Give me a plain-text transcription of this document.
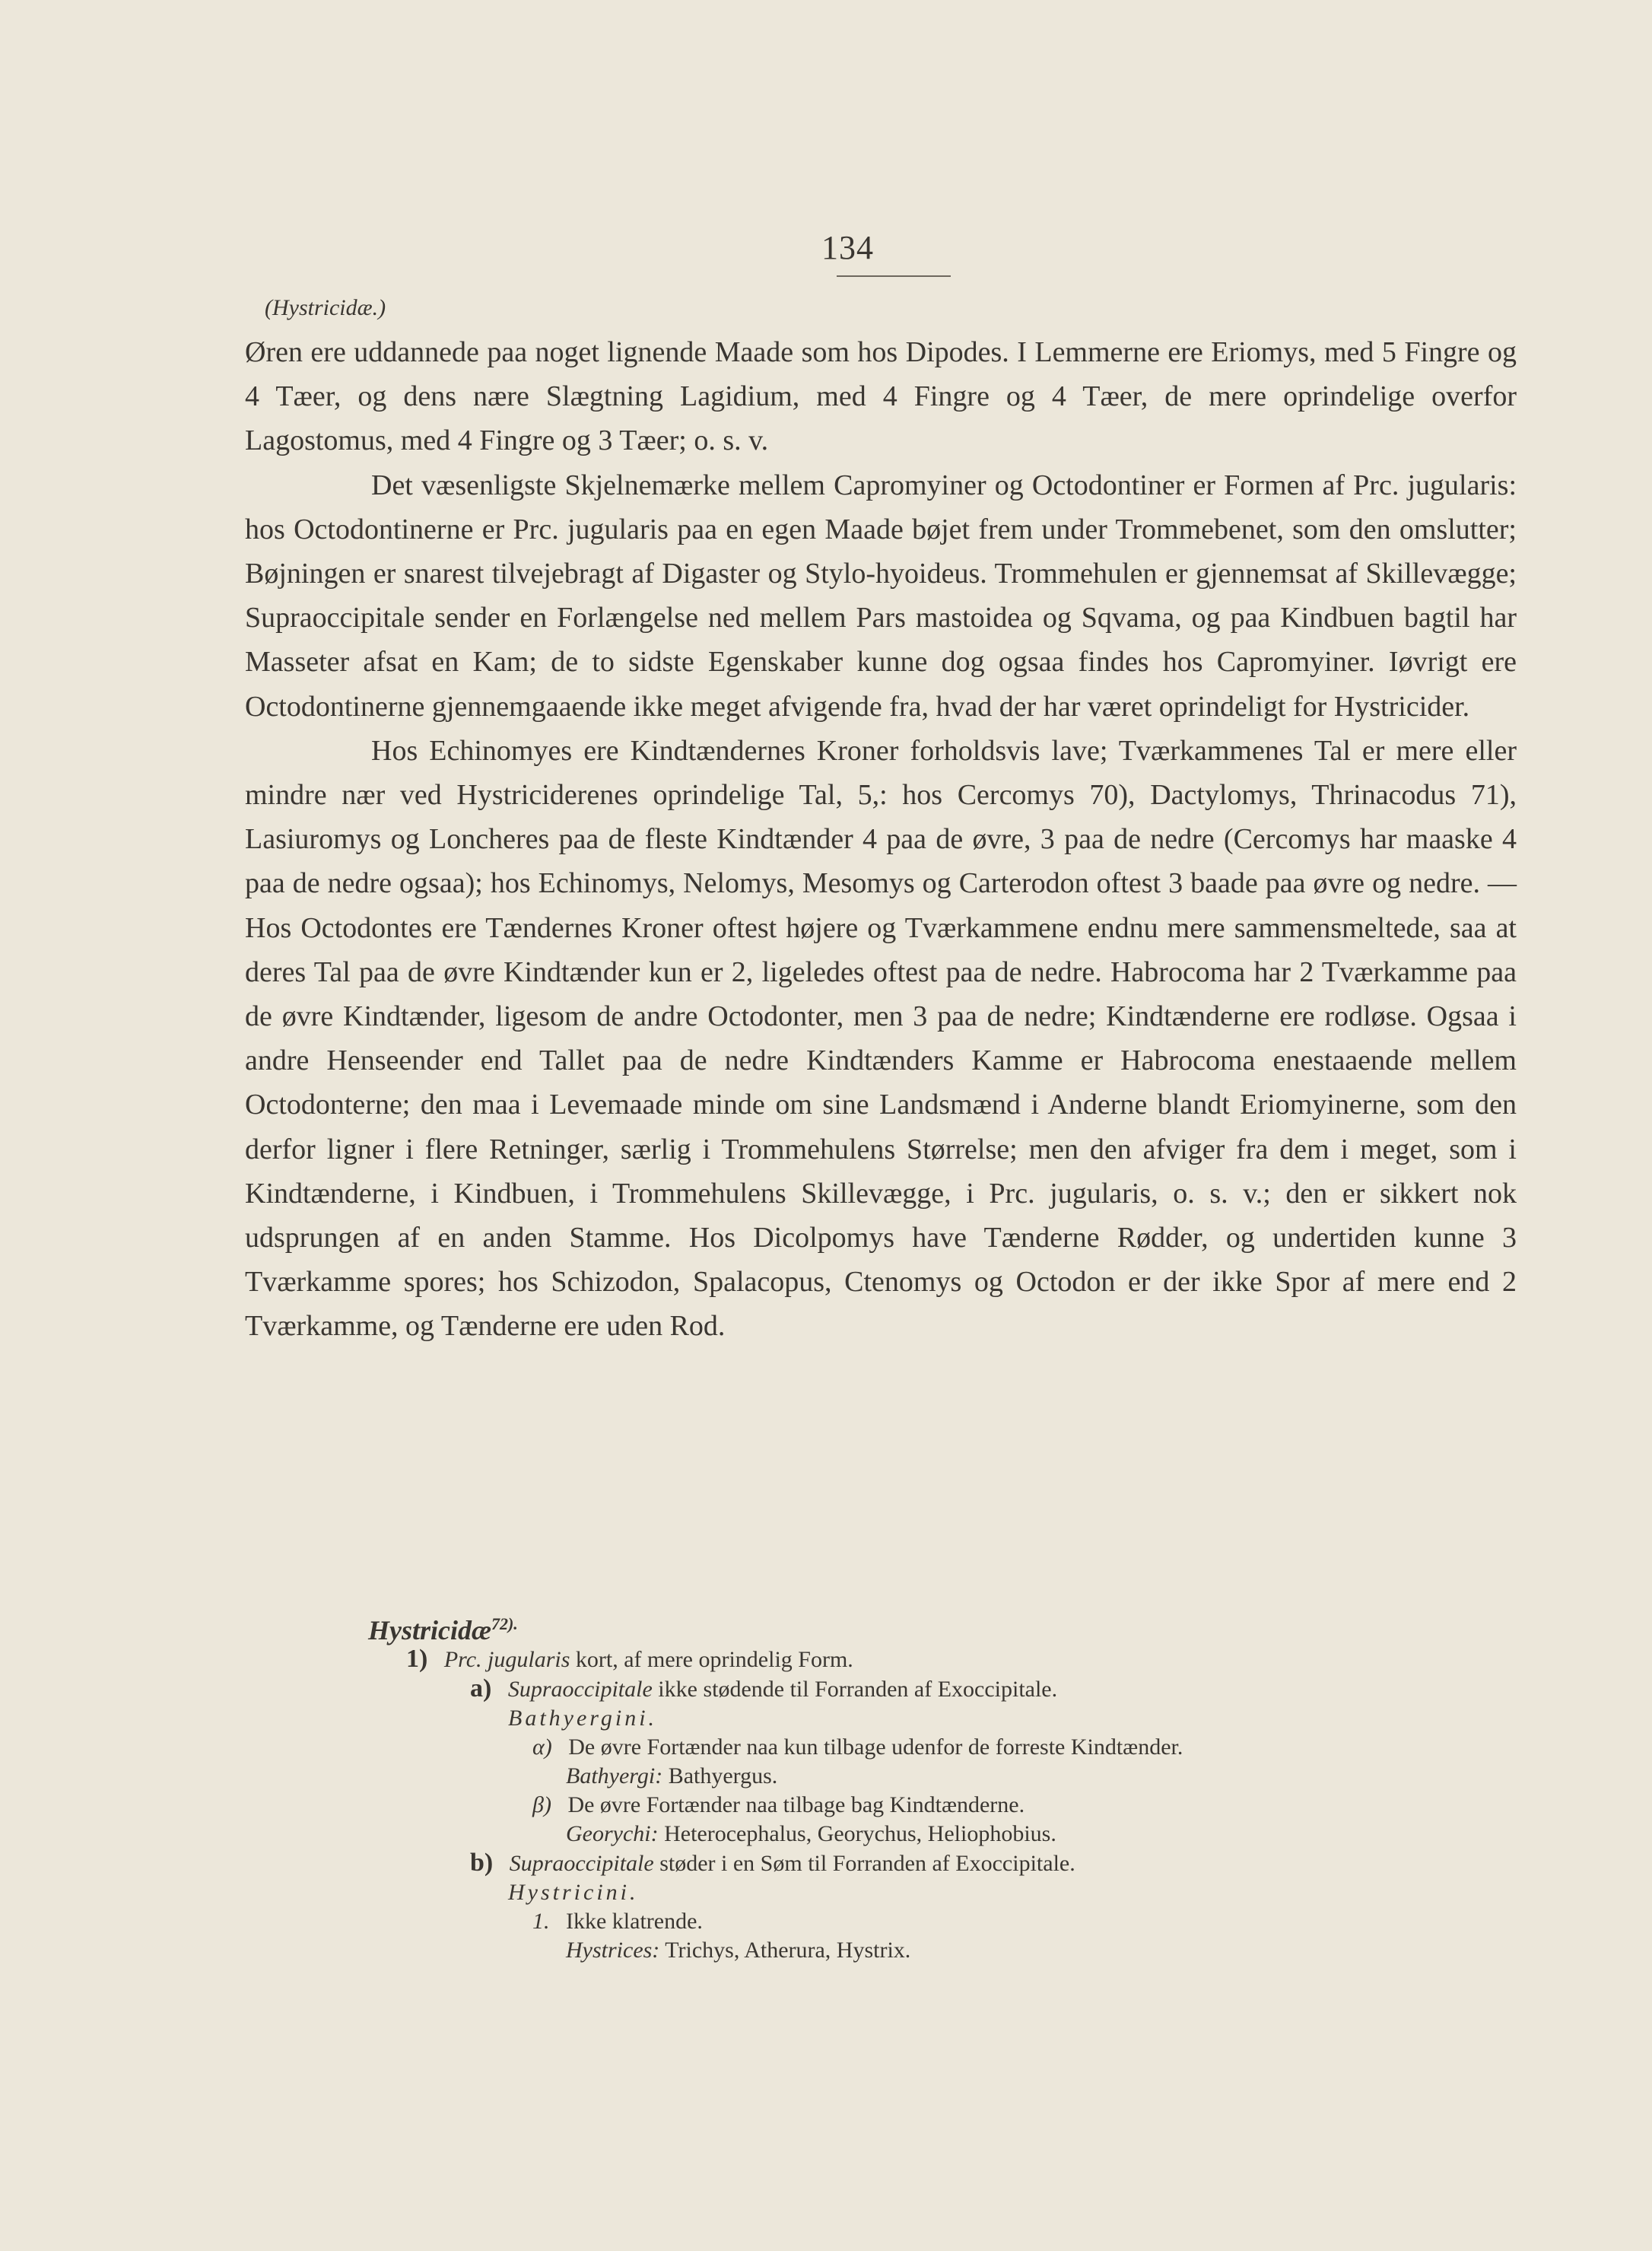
134
(Hystricidæ.)

Øren ere uddannede paa noget lignende Maade som hos Dipodes. I Lemmerne ere Eriomys, med 5 Fingre og 4 Tæer, og dens nære Slægtning Lagidium, med 4 Fingre og 4 Tæer, de mere oprindelige overfor Lagostomus, med 4 Fingre og 3 Tæer; o. s. v.

Det væsenligste Skjelnemærke mellem Capromyiner og Octodontiner er Formen af Prc. jugularis: hos Octodontinerne er Prc. jugularis paa en egen Maade bøjet frem under Trommebenet, som den omslutter; Bøjningen er snarest tilvejebragt af Digaster og Stylo-hyoideus. Trommehulen er gjennemsat af Skillevægge; Supraoccipitale sender en Forlængelse ned mellem Pars mastoidea og Sqvama, og paa Kindbuen bagtil har Masseter afsat en Kam; de to sidste Egenskaber kunne dog ogsaa findes hos Capromyiner. Iøvrigt ere Octodontinerne gjennemgaaende ikke meget afvigende fra, hvad der har været oprindeligt for Hystricider.

Hos Echinomyes ere Kindtændernes Kroner forholdsvis lave; Tværkammenes Tal er mere eller mindre nær ved Hystriciderenes oprindelige Tal, 5,: hos Cercomys 70), Dactylomys, Thrinacodus 71), Lasiuromys og Loncheres paa de fleste Kindtænder 4 paa de øvre, 3 paa de nedre (Cercomys har maaske 4 paa de nedre ogsaa); hos Echinomys, Nelomys, Mesomys og Carterodon oftest 3 baade paa øvre og nedre. — Hos Octodontes ere Tændernes Kroner oftest højere og Tværkammene endnu mere sammensmeltede, saa at deres Tal paa de øvre Kindtænder kun er 2, ligeledes oftest paa de nedre. Habrocoma har 2 Tværkamme paa de øvre Kindtænder, ligesom de andre Octodonter, men 3 paa de nedre; Kindtænderne ere rodløse. Ogsaa i andre Henseender end Tallet paa de nedre Kindtænders Kamme er Habrocoma enestaaende mellem Octodonterne; den maa i Levemaade minde om sine Landsmænd i Anderne blandt Eriomyinerne, som den derfor ligner i flere Retninger, særlig i Trommehulens Størrelse; men den afviger fra dem i meget, som i Kindtænderne, i Kindbuen, i Trommehulens Skillevægge, i Prc. jugularis, o. s. v.; den er sikkert nok udsprungen af en anden Stamme. Hos Dicolpomys have Tænderne Rødder, og undertiden kunne 3 Tværkamme spores; hos Schizodon, Spalacopus, Ctenomys og Octodon er der ikke Spor af mere end 2 Tværkamme, og Tænderne ere uden Rod.

Hystricidæ$^{72).}$
1) Prc. jugularis kort, af mere oprindelig Form.
a) Supraoccipitale ikke stødende til Forranden af Exoccipitale.
Bathyergini.
α) De øvre Fortænder naa kun tilbage udenfor de forreste Kindtænder.
Bathyergi: Bathyergus.
β) De øvre Fortænder naa tilbage bag Kindtænderne.
Georychi: Heterocephalus, Georychus, Heliophobius.
b) Supraoccipitale støder i en Søm til Forranden af Exoccipitale.
Hystricini.
1. Ikke klatrende.
Hystrices: Trichys, Atherura, Hystrix.
